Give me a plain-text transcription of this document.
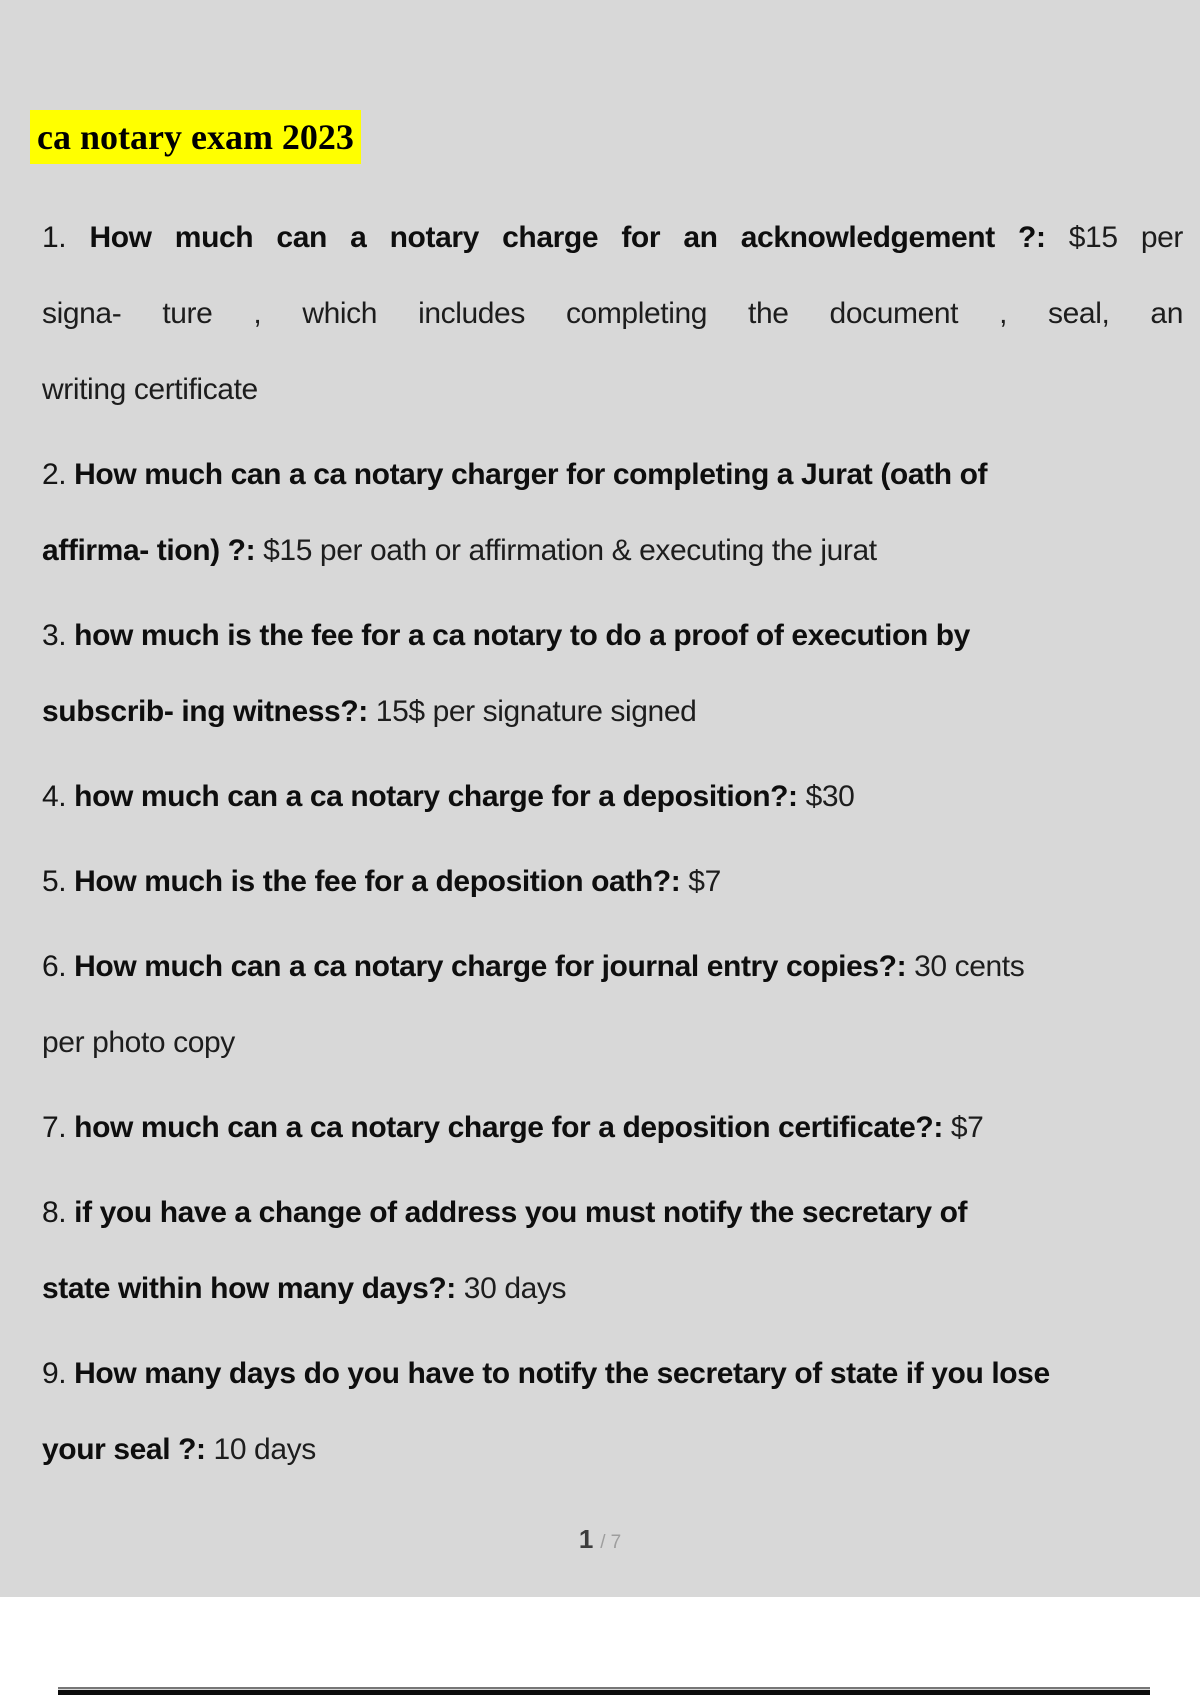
ca notary exam 2023
1. How much can a notary charge for an acknowledgement ?: $15 per
signa- ture , which includes completing the document , seal, an
writing certificate
2. How much can a ca notary charger for completing a Jurat (oath of
affirma- tion) ?: $15 per oath or affirmation & executing the jurat
3. how much is the fee for a ca notary to do a proof of execution by
subscrib- ing witness?: 15$ per signature signed
4. how much can a ca notary charge for a deposition?: $30
5. How much is the fee for a deposition oath?: $7
6. How much can a ca notary charge for journal entry copies?: 30 cents
per photo copy
7. how much can a ca notary charge for a deposition certificate?: $7
8. if you have a change of address you must notify the secretary of
state within how many days?: 30 days
9. How many days do you have to notify the secretary of state if you lose
your seal ?: 10 days
1 / 7
